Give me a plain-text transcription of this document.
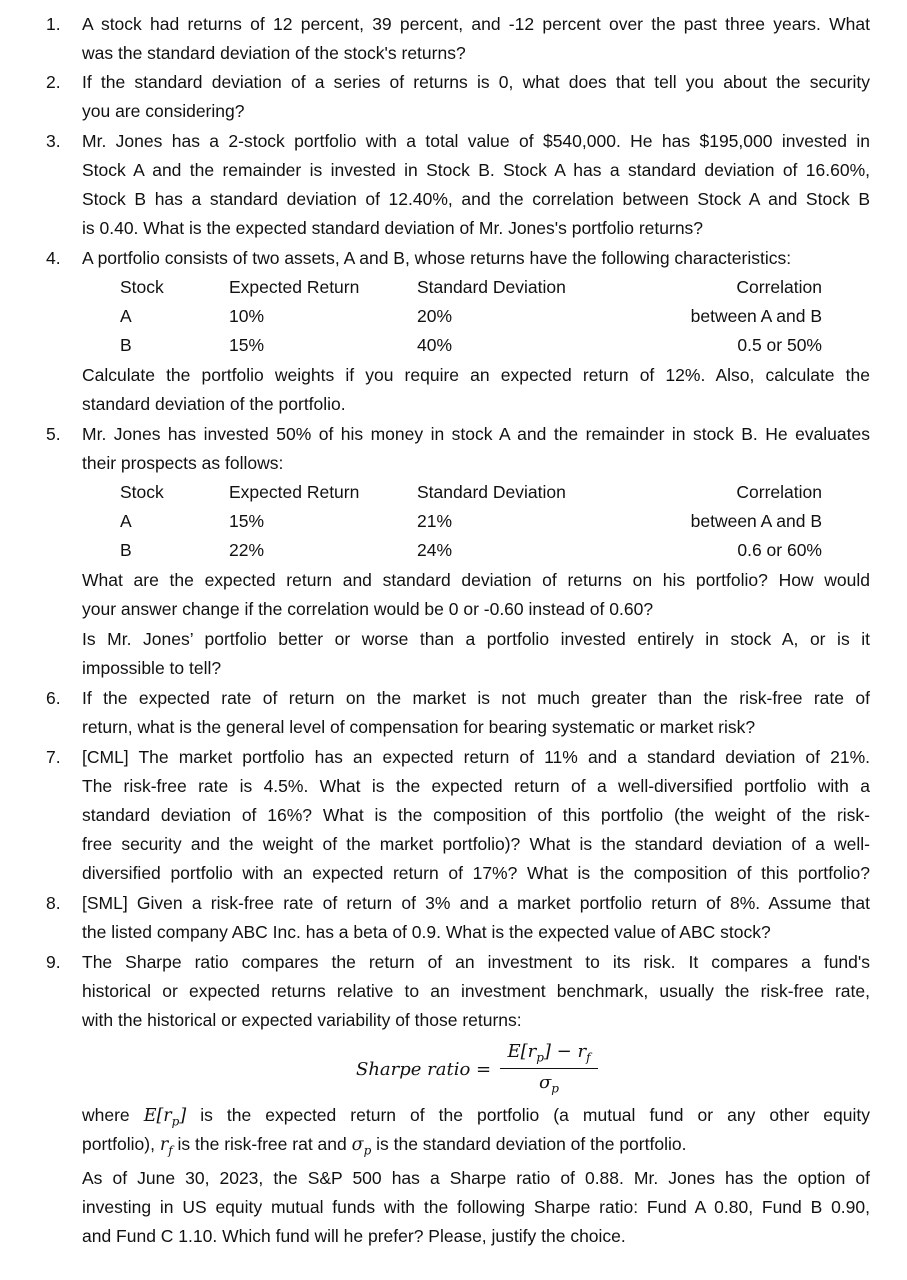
1.	A stock had returns of 12 percent, 39 percent, and -12 percent over the past three years. What
was the standard deviation of the stock's returns?
2.	If the standard deviation of a series of returns is 0, what does that tell you about the security
you are considering?
3.	Mr. Jones has a 2-stock portfolio with a total value of $540,000. He has $195,000 invested in
Stock A and the remainder is invested in Stock B. Stock A has a standard deviation of 16.60%,
Stock B has a standard deviation of 12.40%, and the correlation between Stock A and Stock B
is 0.40. What is the expected standard deviation of Mr. Jones's portfolio returns?
4.	A portfolio consists of two assets, A and B, whose returns have the following characteristics:
Stock	Expected Return	Standard Deviation	Correlation
A	10%	20%	between A and B
B	15%	40%	0.5 or 50%
Calculate the portfolio weights if you require an expected return of 12%. Also, calculate the
standard deviation of the portfolio.
5.	Mr. Jones has invested 50% of his money in stock A and the remainder in stock B. He evaluates
their prospects as follows:
Stock	Expected Return	Standard Deviation	Correlation
A	15%	21%	between A and B
B	22%	24%	0.6 or 60%
What are the expected return and standard deviation of returns on his portfolio? How would
your answer change if the correlation would be 0 or -0.60 instead of 0.60?
Is Mr. Jones’ portfolio better or worse than a portfolio invested entirely in stock A, or is it
impossible to tell?
6.	If the expected rate of return on the market is not much greater than the risk-free rate of
return, what is the general level of compensation for bearing systematic or market risk?
7.	[CML] The market portfolio has an expected return of 11% and a standard deviation of 21%.
The risk-free rate is 4.5%. What is the expected return of a well-diversified portfolio with a
standard deviation of 16%? What is the composition of this portfolio (the weight of the risk-
free security and the weight of the market portfolio)? What is the standard deviation of a well-
diversified portfolio with an expected return of 17%? What is the composition of this portfolio?
8.	[SML] Given a risk-free rate of return of 3% and a market portfolio return of 8%. Assume that
the listed company ABC Inc. has a beta of 0.9. What is the expected value of ABC stock?
9.	The Sharpe ratio compares the return of an investment to its risk. It compares a fund's
historical or expected returns relative to an investment benchmark, usually the risk-free rate,
with the historical or expected variability of those returns:
Sharpe ratio =
$E[r_p] - r_f$
$\sigma_p$
where $E[r_p]$ is the expected return of the portfolio (a mutual fund or any other equity
portfolio), $r_f$ is the risk-free rat and $\sigma_p$ is the standard deviation of the portfolio.
As of June 30, 2023, the S&P 500 has a Sharpe ratio of 0.88. Mr. Jones has the option of
investing in US equity mutual funds with the following Sharpe ratio: Fund A 0.80, Fund B 0.90,
and Fund C 1.10. Which fund will he prefer? Please, justify the choice.
